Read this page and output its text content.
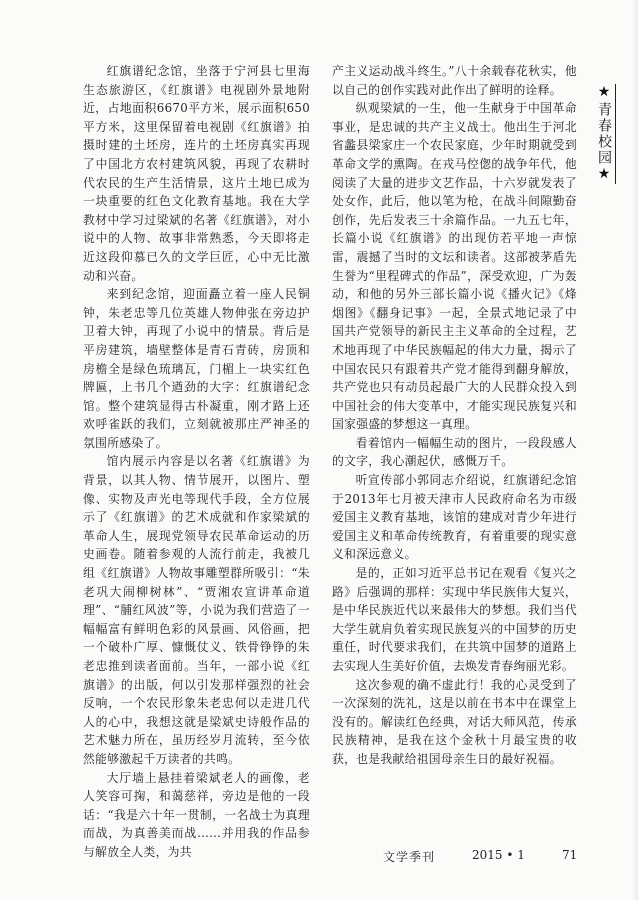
红旗谱纪念馆，坐落于宁河县七里海生态旅游区，《红旗谱》电视剧外景地附近，占地面积6670平方米，展示面积650平方米，这里保留着电视剧《红旗谱》拍摄时建的土坯房，连片的土坯房真实再现了中国北方农村建筑风貌，再现了农耕时代农民的生产生活情景，这片土地已成为一块重要的红色文化教育基地。我在大学教材中学习过梁斌的名著《红旗谱》，对小说中的人物、故事非常熟悉，今天即将走近这段仰慕已久的文学巨匠，心中无比激动和兴奋。

来到纪念馆，迎面矗立着一座人民铜钟，朱老忠等几位英雄人物伸张在旁边护卫着大钟，再现了小说中的情景。背后是平房建筑，墙壁整体是青石青砖，房顶和房檐全是绿色琉璃瓦，门楣上一块实红色牌匾，上书几个遒劲的大字：红旗谱纪念馆。整个建筑显得古朴凝重，刚才路上还欢呼雀跃的我们，立刻就被那庄严神圣的氛围所感染了。

馆内展示内容是以名著《红旗谱》为背景，以其人物、情节展开，以图片、塑像、实物及声光电等现代手段，全方位展示了《红旗谱》的艺术成就和作家梁斌的革命人生，展现党领导农民革命运动的历史画卷。随着参观的人流行前走，我被几组《红旗谱》人物故事雕塑群所吸引：“朱老巩大闹柳树林”、“贾湘农宣讲革命道理”、“脯红风波”等，小说为我们营造了一幅幅富有鲜明色彩的风景画、风俗画，把一个破朴广厚、慷慨仗义、铁骨铮铮的朱老忠推到读者面前。当年，一部小说《红旗谱》的出版，何以引发那样强烈的社会反响，一个农民形象朱老忠何以走进几代人的心中，我想这就是梁斌史诗般作品的艺术魅力所在，虽历经岁月流转，至今依然能够激起千万读者的共鸣。

大厅墙上悬挂着梁斌老人的画像，老人笑容可掬，和蔼慈祥，旁边是他的一段话：“我是六十年一贯制，一名战士为真理而战，为真善美而战……并用我的作品参与解放全人类，为共

产主义运动战斗终生。”八十余载春花秋实，他以自己的创作实践对此作出了鲜明的诠释。

纵观梁斌的一生，他一生献身于中国革命事业，是忠诚的共产主义战士。他出生于河北省蠡县梁家庄一个农民家庭，少年时期就受到革命文学的熏陶。在戎马倥偬的战争年代，他阅读了大量的进步文艺作品，十六岁就发表了处女作，此后，他以笔为枪，在战斗间隙勤奋创作，先后发表三十余篇作品。一九五七年，长篇小说《红旗谱》的出现仿若平地一声惊雷，震撼了当时的文坛和读者。这部被茅盾先生誉为“里程碑式的作品”，深受欢迎，广为轰动，和他的另外三部长篇小说《播火记》《烽烟图》《翻身记事》一起，全景式地记录了中国共产党领导的新民主主义革命的全过程，艺术地再现了中华民族幅起的伟大力量，揭示了中国农民只有跟着共产党才能得到翻身解放，共产党也只有动员起最广大的人民群众投入到中国社会的伟大变革中，才能实现民族复兴和国家强盛的梦想这一真理。

看着馆内一幅幅生动的图片，一段段感人的文字，我心潮起伏，感慨万千。

听宣传部小郭同志介绍说，红旗谱纪念馆于2013年七月被天津市人民政府命名为市级爱国主义教育基地，该馆的建成对青少年进行爱国主义和革命传统教育，有着重要的现实意义和深远意义。

是的，正如习近平总书记在观看《复兴之路》后强调的那样：实现中华民族伟大复兴，是中华民族近代以来最伟大的梦想。我们当代大学生就肩负着实现民族复兴的中国梦的历史重任，时代要求我们，在共筑中国梦的道路上去实现人生美好价值，去焕发青春绚丽光彩。

这次参观的确不虚此行！我的心灵受到了一次深刻的洗礼，这是以前在书本中在课堂上没有的。解读红色经典，对话大师风范，传承民族精神，是我在这个金秋十月最宝贵的收获，也是我献给祖国母亲生日的最好祝福。

★青春校园★
文学季刊	2015 • 1	71
